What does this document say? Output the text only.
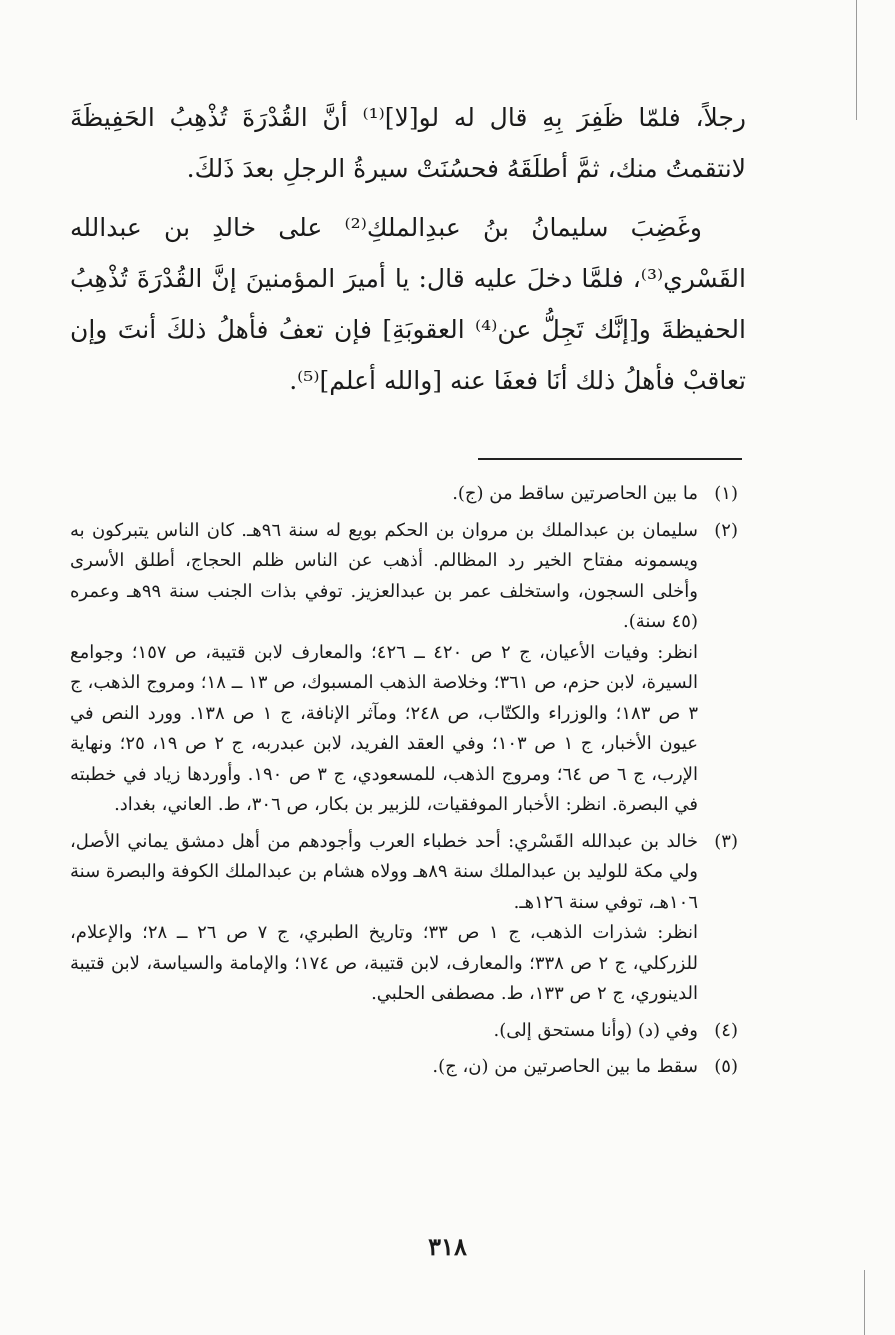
رجلاً، فلمّا ظَفِرَ بِهِ قال له لو[لا]⁽¹⁾ أنَّ القُدْرَةَ تُذْهِبُ الحَفِيظَةَ لانتقمتُ منك، ثمَّ أطلَقَهُ فحسُنَتْ سيرةُ الرجلِ بعدَ ذَلكَ.

وغَضِبَ سليمانُ بنُ عبدِالملكِ⁽²⁾ على خالدِ بن عبدالله القَسْري⁽³⁾، فلمَّا دخلَ عليه قال: يا أميرَ المؤمنينَ إنَّ القُدْرَةَ تُذْهِبُ الحفيظةَ و[إنَّك تَجِلُّ عن⁽⁴⁾ العقوبَةِ] فإن تعفُ فأهلُ ذلكَ أنتَ وإن تعاقبْ فأهلُ ذلك أنَا فعفَا عنه [والله أعلم]⁽⁵⁾.

(١)
ما بين الحاصرتين ساقط من (ج).
(٢)
سليمان بن عبدالملك بن مروان بن الحكم بويع له سنة ٩٦هـ. كان الناس يتبركون به ويسمونه مفتاح الخير رد المظالم. أذهب عن الناس ظلم الحجاج، أطلق الأسرى وأخلى السجون، واستخلف عمر بن عبدالعزيز. توفي بذات الجنب سنة ٩٩هـ وعمره (٤٥ سنة).
انظر: وفيات الأعيان، ج ٢ ص ٤٢٠ ــ ٤٢٦؛ والمعارف لابن قتيبة، ص ١٥٧؛ وجوامع السيرة، لابن حزم، ص ٣٦١؛ وخلاصة الذهب المسبوك، ص ١٣ ــ ١٨؛ ومروج الذهب، ج ٣ ص ١٨٣؛ والوزراء والكتّاب، ص ٢٤٨؛ ومآثر الإنافة، ج ١ ص ١٣٨. وورد النص في عيون الأخبار، ج ١ ص ١٠٣؛ وفي العقد الفريد، لابن عبدربه، ج ٢ ص ١٩، ٢٥؛ ونهاية الإرب، ج ٦ ص ٦٤؛ ومروج الذهب، للمسعودي، ج ٣ ص ١٩٠. وأوردها زياد في خطبته في البصرة. انظر: الأخبار الموفقيات، للزبير بن بكار، ص ٣٠٦، ط. العاني، بغداد.
(٣)
خالد بن عبدالله القَسْري: أحد خطباء العرب وأجودهم من أهل دمشق يماني الأصل، ولي مكة للوليد بن عبدالملك سنة ٨٩هـ وولاه هشام بن عبدالملك الكوفة والبصرة سنة ١٠٦هـ، توفي سنة ١٢٦هـ.
انظر: شذرات الذهب، ج ١ ص ٣٣؛ وتاريخ الطبري، ج ٧ ص ٢٦ ــ ٢٨؛ والإعلام، للزركلي، ج ٢ ص ٣٣٨؛ والمعارف، لابن قتيبة، ص ١٧٤؛ والإمامة والسياسة، لابن قتيبة الدينوري، ج ٢ ص ١٣٣، ط. مصطفى الحلبي.
(٤)
وفي (د) (وأنا مستحق إلى).
(٥)
سقط ما بين الحاصرتين من (ن، ج).
٣١٨
